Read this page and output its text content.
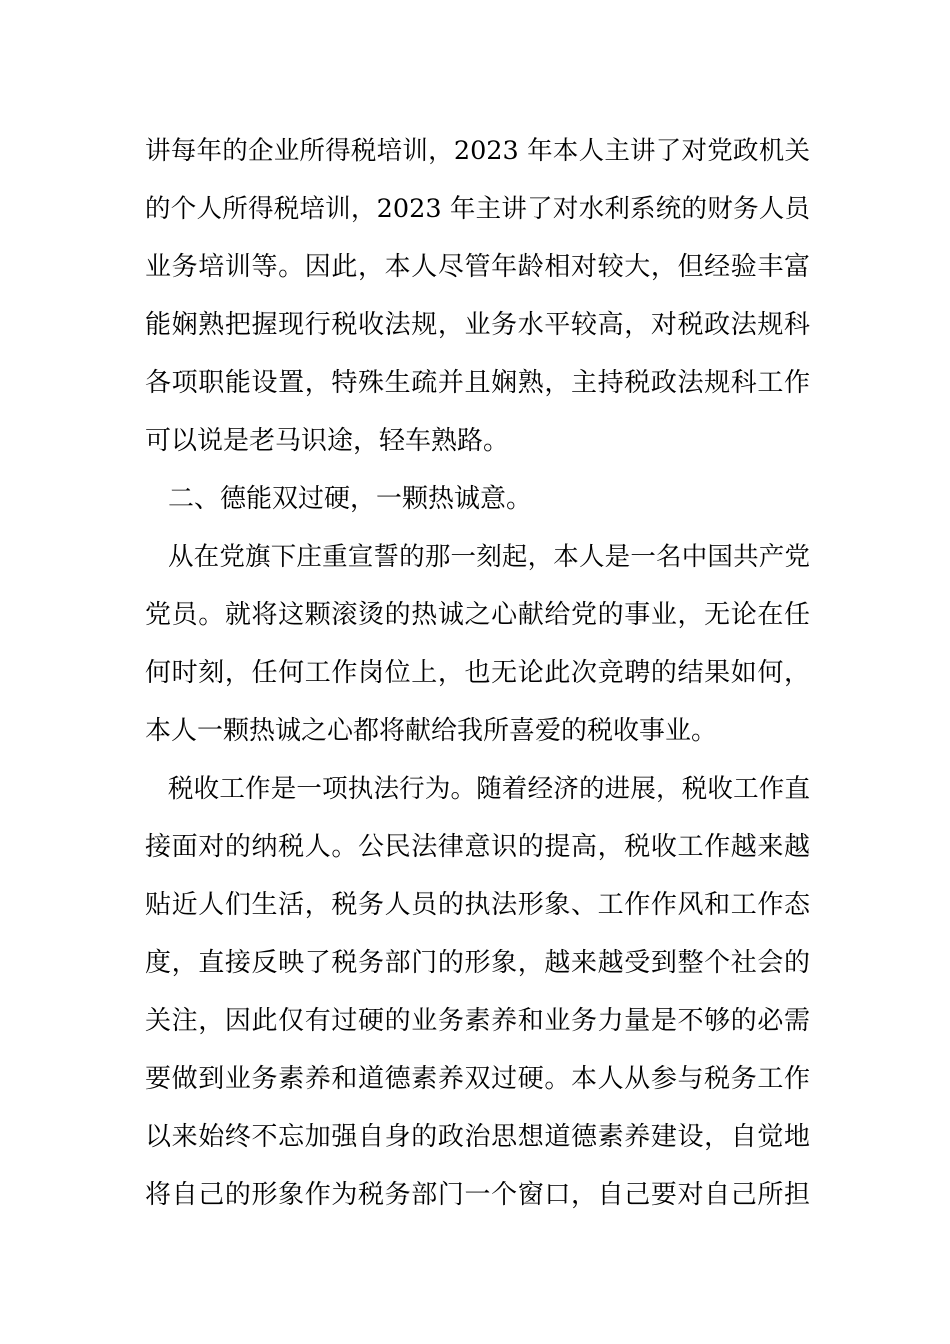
讲每年的企业所得税培训，2023 年本人主讲了对党政机关
的个人所得税培训，2023 年主讲了对水利系统的财务人员
业务培训等。因此，本人尽管年龄相对较大，但经验丰富
能娴熟把握现行税收法规，业务水平较高，对税政法规科
各项职能设置，特殊生疏并且娴熟，主持税政法规科工作
可以说是老马识途，轻车熟路。
二、德能双过硬，一颗热诚意。
从在党旗下庄重宣誓的那一刻起，本人是一名中国共产党
党员。就将这颗滚烫的热诚之心献给党的事业，无论在任
何时刻，任何工作岗位上，也无论此次竞聘的结果如何，
本人一颗热诚之心都将献给我所喜爱的税收事业。
税收工作是一项执法行为。随着经济的进展，税收工作直
接面对的纳税人。公民法律意识的提高，税收工作越来越
贴近人们生活，税务人员的执法形象、工作作风和工作态
度，直接反映了税务部门的形象，越来越受到整个社会的
关注，因此仅有过硬的业务素养和业务力量是不够的必需
要做到业务素养和道德素养双过硬。本人从参与税务工作
以来始终不忘加强自身的政治思想道德素养建设，自觉地
将自己的形象作为税务部门一个窗口，自己要对自己所担
